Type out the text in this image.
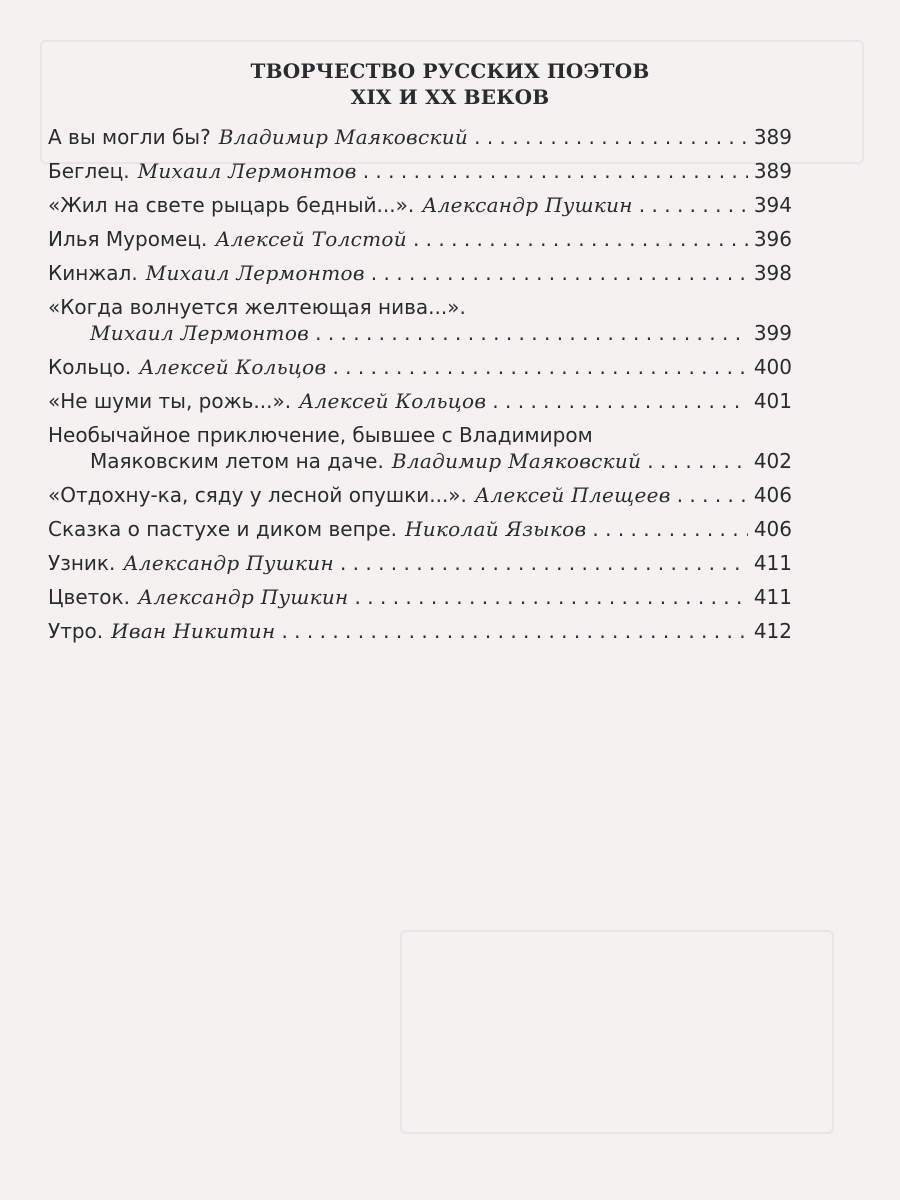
ТВОРЧЕСТВО РУССКИХ ПОЭТОВ
XIX И XX ВЕКОВ
А вы могли бы? Владимир Маяковский . . .	389
Беглец. Михаил Лермонтов . . .	389
«Жил на свете рыцарь бедный...». Александр Пушкин . . .	394
Илья Муромец. Алексей Толстой . . .	396
Кинжал. Михаил Лермонтов . . .	398
«Когда волнуется желтеющая нива...».
Михаил Лермонтов . . .	399
Кольцо. Алексей Кольцов . . .	400
«Не шуми ты, рожь...». Алексей Кольцов . . .	401
Необычайное приключение, бывшее с Владимиром
Маяковским летом на даче. Владимир Маяковский . . .	402
«Отдохну-ка, сяду у лесной опушки...». Алексей Плещеев . . .	406
Сказка о пастухе и диком вепре. Николай Языков . . .	406
Узник. Александр Пушкин . . .	411
Цветок. Александр Пушкин . . .	411
Утро. Иван Никитин . . .	412
